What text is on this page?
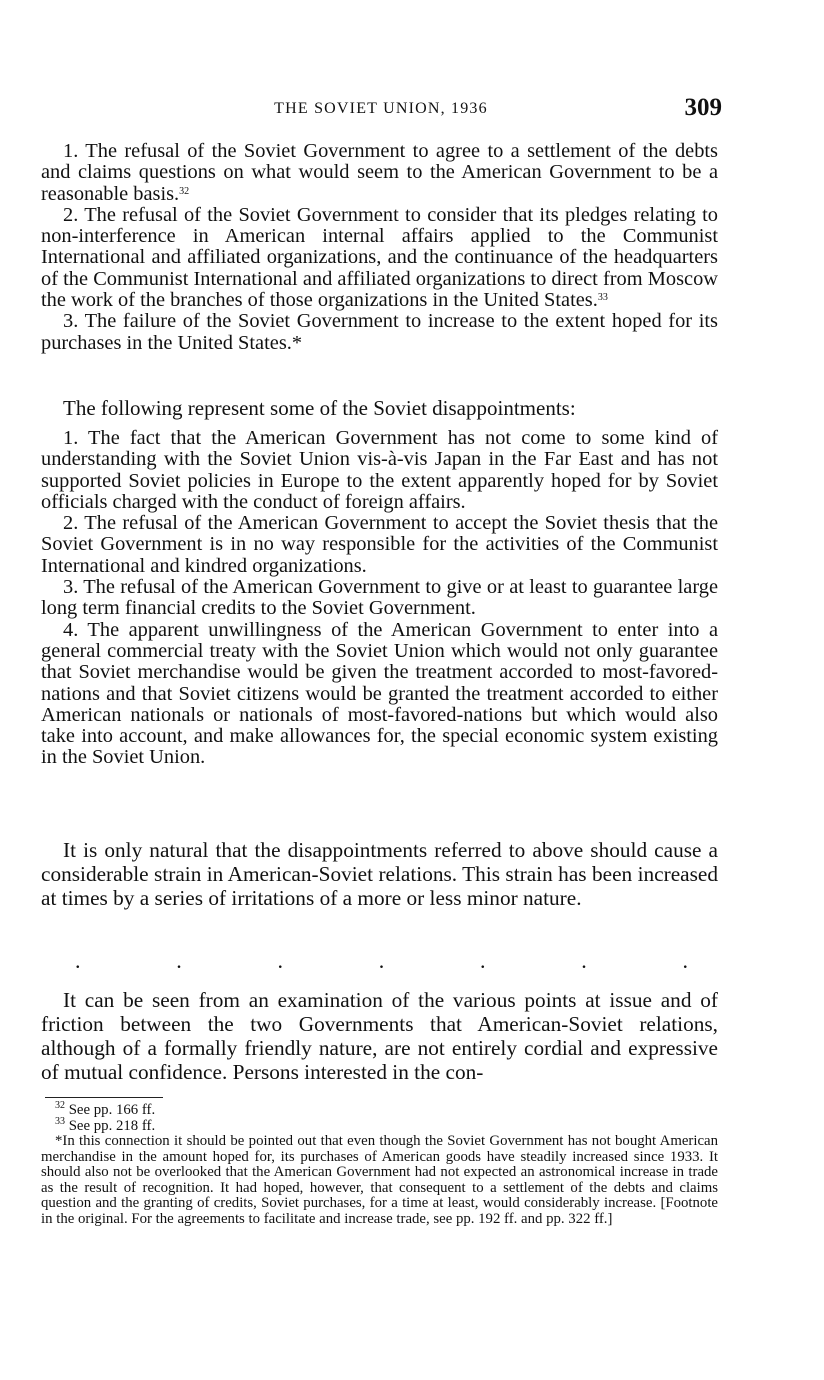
THE SOVIET UNION, 1936	309

1. The refusal of the Soviet Government to agree to a settlement of the debts and claims questions on what would seem to the American Government to be a reasonable basis.$^{32}$

2. The refusal of the Soviet Government to consider that its pledges relating to non-interference in American internal affairs applied to the Communist International and affiliated organizations, and the continuance of the headquarters of the Communist International and affiliated organizations to direct from Moscow the work of the branches of those organizations in the United States.$^{33}$

3. The failure of the Soviet Government to increase to the extent hoped for its purchases in the United States.*

The following represent some of the Soviet disappointments:

1. The fact that the American Government has not come to some kind of understanding with the Soviet Union vis-à-vis Japan in the Far East and has not supported Soviet policies in Europe to the extent apparently hoped for by Soviet officials charged with the conduct of foreign affairs.

2. The refusal of the American Government to accept the Soviet thesis that the Soviet Government is in no way responsible for the activities of the Communist International and kindred organizations.

3. The refusal of the American Government to give or at least to guarantee large long term financial credits to the Soviet Government.

4. The apparent unwillingness of the American Government to enter into a general commercial treaty with the Soviet Union which would not only guarantee that Soviet merchandise would be given the treatment accorded to most-favored-nations and that Soviet citizens would be granted the treatment accorded to either American nationals or nationals of most-favored-nations but which would also take into account, and make allowances for, the special economic system existing in the Soviet Union.

It is only natural that the disappointments referred to above should cause a considerable strain in American-Soviet relations. This strain has been increased at times by a series of irritations of a more or less minor nature.

.	.	.	.	.	.	.

It can be seen from an examination of the various points at issue and of friction between the two Governments that American-Soviet relations, although of a formally friendly nature, are not entirely cordial and expressive of mutual confidence. Persons interested in the con-

$^{32}$ See pp. 166 ff.

$^{33}$ See pp. 218 ff.

*In this connection it should be pointed out that even though the Soviet Government has not bought American merchandise in the amount hoped for, its purchases of American goods have steadily increased since 1933. It should also not be overlooked that the American Government had not expected an astronomical increase in trade as the result of recognition. It had hoped, however, that consequent to a settlement of the debts and claims question and the granting of credits, Soviet purchases, for a time at least, would considerably increase. [Footnote in the original. For the agreements to facilitate and increase trade, see pp. 192 ff. and pp. 322 ff.]
